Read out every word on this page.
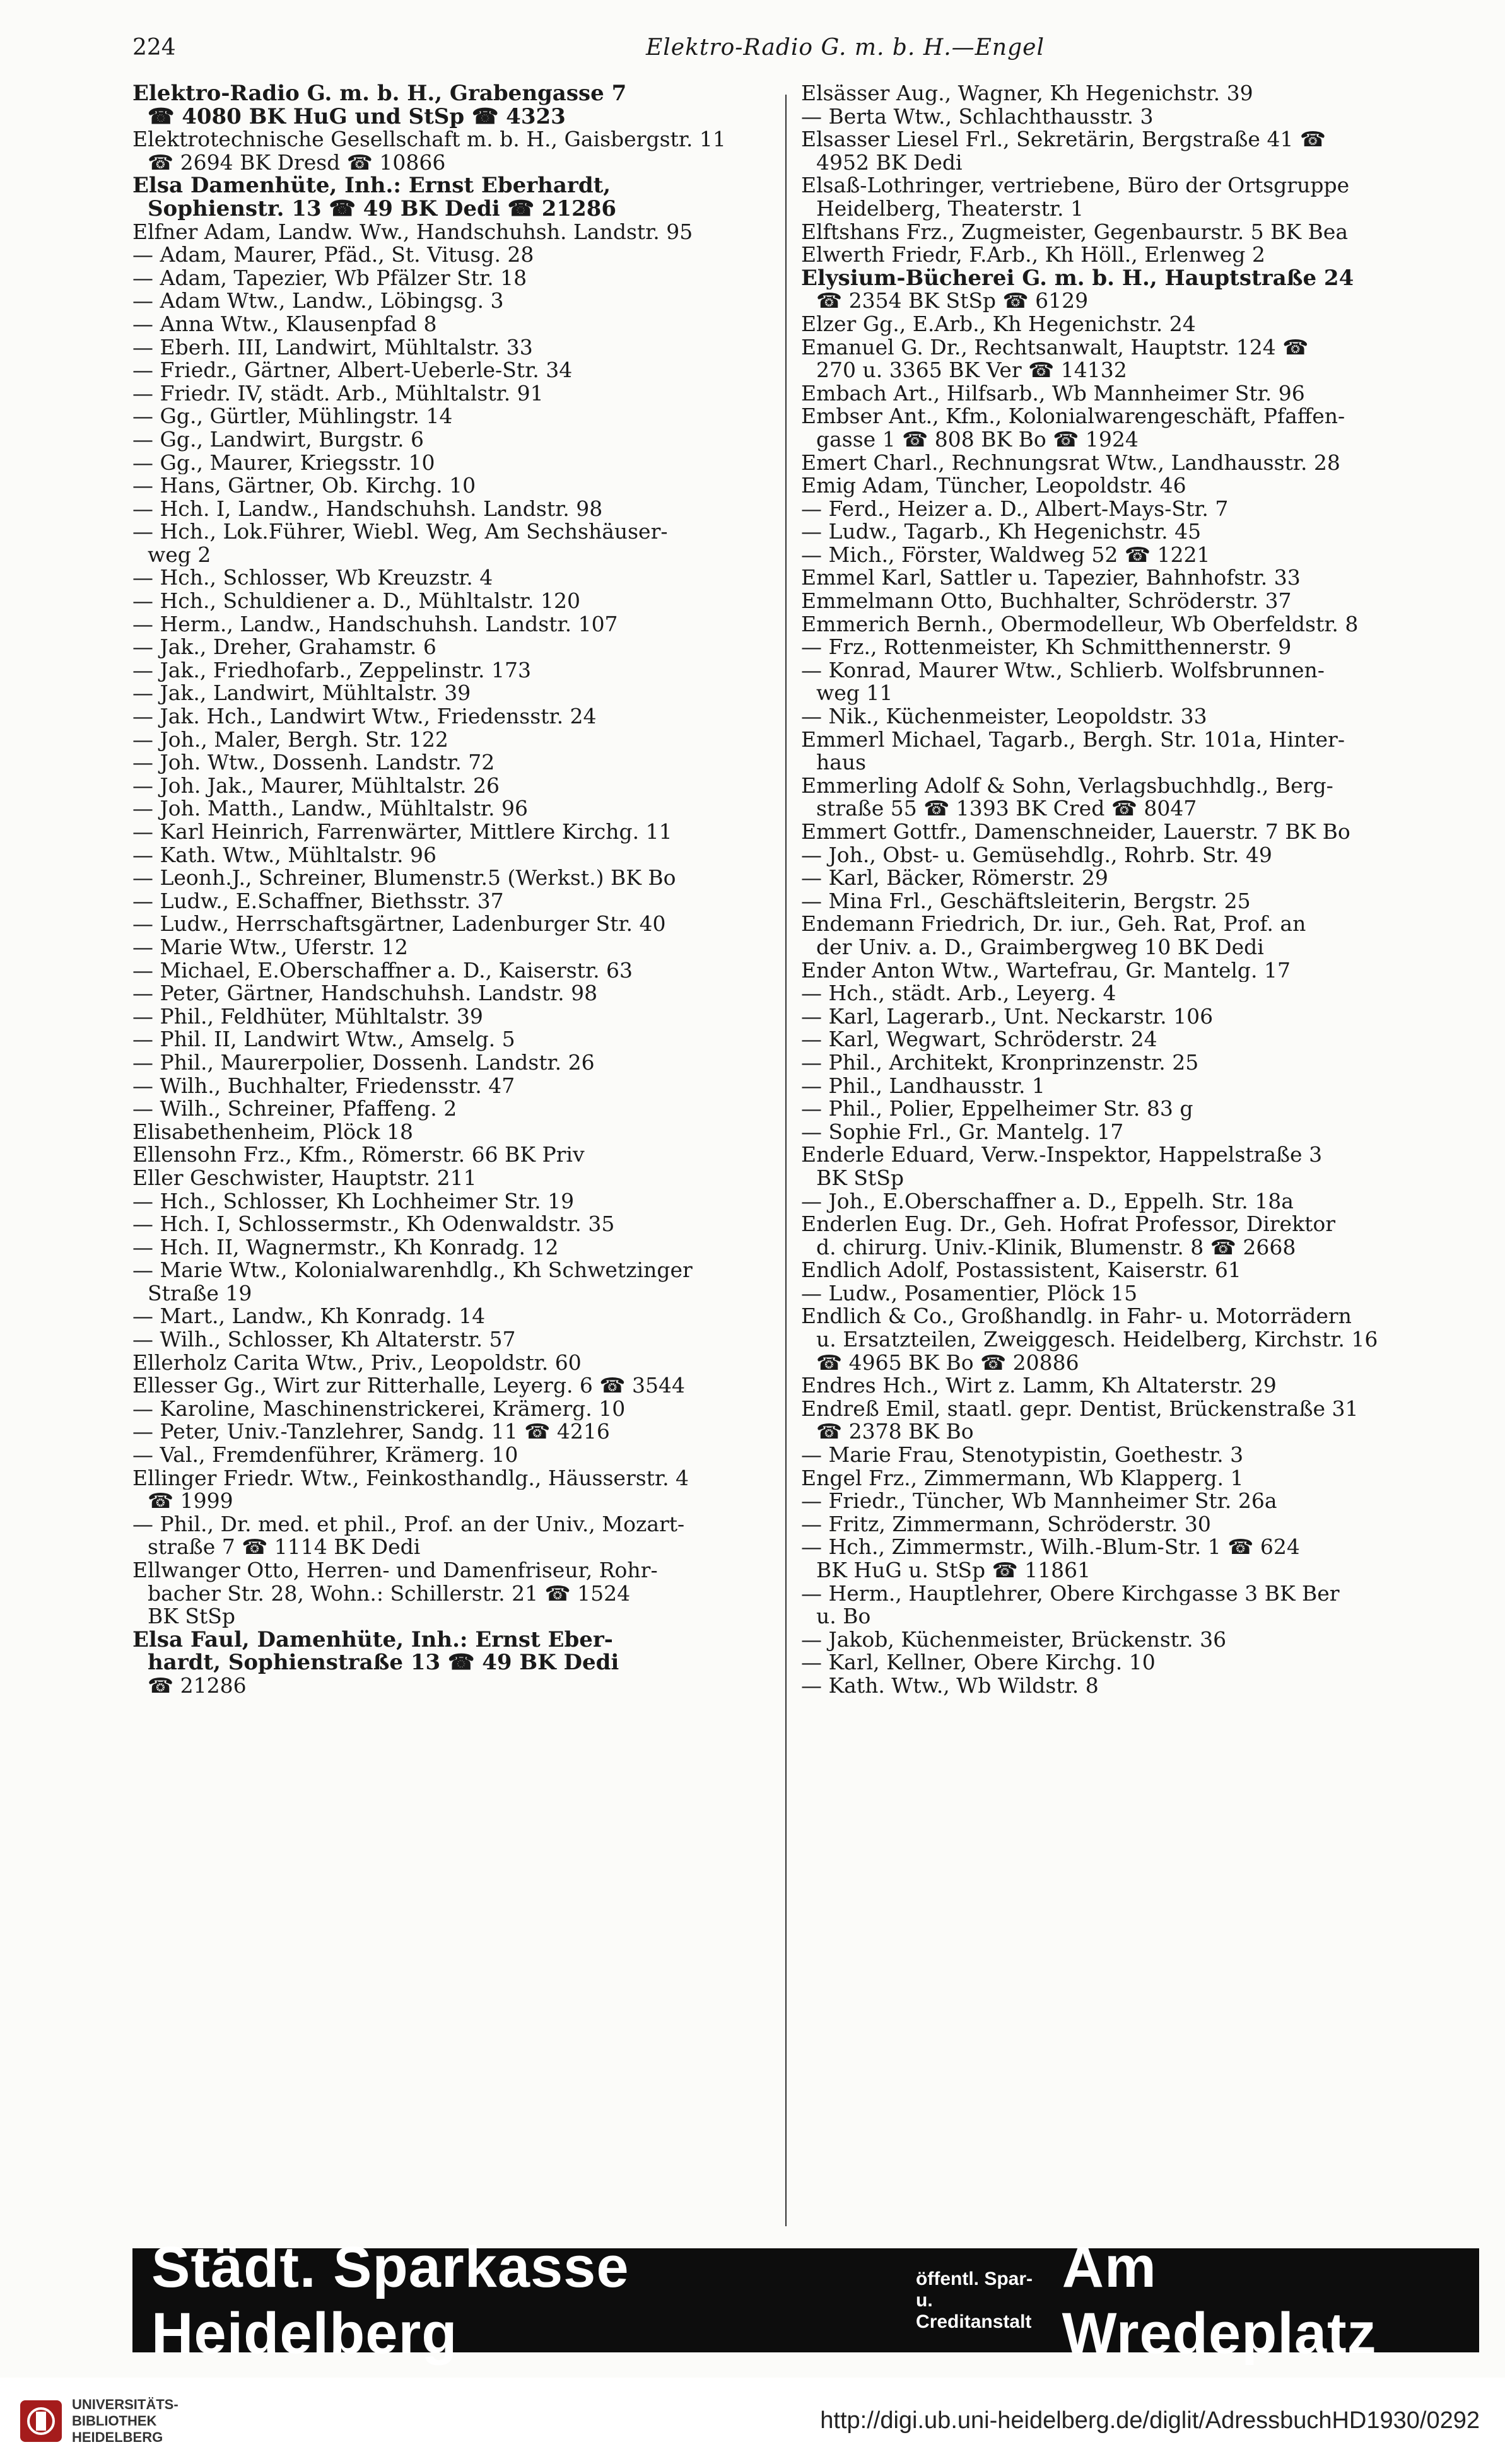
224	Elektro-Radio G. m. b. H.—Engel
Elektro-Radio G. m. b. H., Grabengasse 7
☎ 4080 BK HuG und StSp ☎ 4323
Elektrotechnische Gesellschaft m. b. H., Gaisbergstr. 11
☎ 2694 BK Dresd ☎ 10866
Elsa Damenhüte, Inh.: Ernst Eberhardt,
Sophienstr. 13 ☎ 49 BK Dedi ☎ 21286
Elfner Adam, Landw. Ww., Handschuhsh. Landstr. 95
— Adam, Maurer, Pfäd., St. Vitusg. 28
— Adam, Tapezier, Wb Pfälzer Str. 18
— Adam Wtw., Landw., Löbingsg. 3
— Anna Wtw., Klausenpfad 8
— Eberh. III, Landwirt, Mühltalstr. 33
— Friedr., Gärtner, Albert-Ueberle-Str. 34
— Friedr. IV, städt. Arb., Mühltalstr. 91
— Gg., Gürtler, Mühlingstr. 14
— Gg., Landwirt, Burgstr. 6
— Gg., Maurer, Kriegsstr. 10
— Hans, Gärtner, Ob. Kirchg. 10
— Hch. I, Landw., Handschuhsh. Landstr. 98
— Hch., Lok.Führer, Wiebl. Weg, Am Sechshäuser-
weg 2
— Hch., Schlosser, Wb Kreuzstr. 4
— Hch., Schuldiener a. D., Mühltalstr. 120
— Herm., Landw., Handschuhsh. Landstr. 107
— Jak., Dreher, Grahamstr. 6
— Jak., Friedhofarb., Zeppelinstr. 173
— Jak., Landwirt, Mühltalstr. 39
— Jak. Hch., Landwirt Wtw., Friedensstr. 24
— Joh., Maler, Bergh. Str. 122
— Joh. Wtw., Dossenh. Landstr. 72
— Joh. Jak., Maurer, Mühltalstr. 26
— Joh. Matth., Landw., Mühltalstr. 96
— Karl Heinrich, Farrenwärter, Mittlere Kirchg. 11
— Kath. Wtw., Mühltalstr. 96
— Leonh.J., Schreiner, Blumenstr.5 (Werkst.) BK Bo
— Ludw., E.Schaffner, Biethsstr. 37
— Ludw., Herrschaftsgärtner, Ladenburger Str. 40
— Marie Wtw., Uferstr. 12
— Michael, E.Oberschaffner a. D., Kaiserstr. 63
— Peter, Gärtner, Handschuhsh. Landstr. 98
— Phil., Feldhüter, Mühltalstr. 39
— Phil. II, Landwirt Wtw., Amselg. 5
— Phil., Maurerpolier, Dossenh. Landstr. 26
— Wilh., Buchhalter, Friedensstr. 47
— Wilh., Schreiner, Pfaffeng. 2
Elisabethenheim, Plöck 18
Ellensohn Frz., Kfm., Römerstr. 66 BK Priv
Eller Geschwister, Hauptstr. 211
— Hch., Schlosser, Kh Lochheimer Str. 19
— Hch. I, Schlossermstr., Kh Odenwaldstr. 35
— Hch. II, Wagnermstr., Kh Konradg. 12
— Marie Wtw., Kolonialwarenhdlg., Kh Schwetzinger
Straße 19
— Mart., Landw., Kh Konradg. 14
— Wilh., Schlosser, Kh Altaterstr. 57
Ellerholz Carita Wtw., Priv., Leopoldstr. 60
Ellesser Gg., Wirt zur Ritterhalle, Leyerg. 6 ☎ 3544
— Karoline, Maschinenstrickerei, Krämerg. 10
— Peter, Univ.-Tanzlehrer, Sandg. 11 ☎ 4216
— Val., Fremdenführer, Krämerg. 10
Ellinger Friedr. Wtw., Feinkosthandlg., Häusserstr. 4
☎ 1999
— Phil., Dr. med. et phil., Prof. an der Univ., Mozart-
straße 7 ☎ 1114 BK Dedi
Ellwanger Otto, Herren- und Damenfriseur, Rohr-
bacher Str. 28, Wohn.: Schillerstr. 21 ☎ 1524
BK StSp
Elsa Faul, Damenhüte, Inh.: Ernst Eber-
hardt, Sophienstraße 13 ☎ 49 BK Dedi
☎ 21286
Elsässer Aug., Wagner, Kh Hegenichstr. 39
— Berta Wtw., Schlachthausstr. 3
Elsasser Liesel Frl., Sekretärin, Bergstraße 41 ☎
4952 BK Dedi
Elsaß-Lothringer, vertriebene, Büro der Ortsgruppe
Heidelberg, Theaterstr. 1
Elftshans Frz., Zugmeister, Gegenbaurstr. 5 BK Bea
Elwerth Friedr, F.Arb., Kh Höll., Erlenweg 2
Elysium-Bücherei G. m. b. H., Hauptstraße 24
☎ 2354 BK StSp ☎ 6129
Elzer Gg., E.Arb., Kh Hegenichstr. 24
Emanuel G. Dr., Rechtsanwalt, Hauptstr. 124 ☎
270 u. 3365 BK Ver ☎ 14132
Embach Art., Hilfsarb., Wb Mannheimer Str. 96
Embser Ant., Kfm., Kolonialwarengeschäft, Pfaffen-
gasse 1 ☎ 808 BK Bo ☎ 1924
Emert Charl., Rechnungsrat Wtw., Landhausstr. 28
Emig Adam, Tüncher, Leopoldstr. 46
— Ferd., Heizer a. D., Albert-Mays-Str. 7
— Ludw., Tagarb., Kh Hegenichstr. 45
— Mich., Förster, Waldweg 52 ☎ 1221
Emmel Karl, Sattler u. Tapezier, Bahnhofstr. 33
Emmelmann Otto, Buchhalter, Schröderstr. 37
Emmerich Bernh., Obermodelleur, Wb Oberfeldstr. 8
— Frz., Rottenmeister, Kh Schmitthennerstr. 9
— Konrad, Maurer Wtw., Schlierb. Wolfsbrunnen-
weg 11
— Nik., Küchenmeister, Leopoldstr. 33
Emmerl Michael, Tagarb., Bergh. Str. 101a, Hinter-
haus
Emmerling Adolf & Sohn, Verlagsbuchhdlg., Berg-
straße 55 ☎ 1393 BK Cred ☎ 8047
Emmert Gottfr., Damenschneider, Lauerstr. 7 BK Bo
— Joh., Obst- u. Gemüsehdlg., Rohrb. Str. 49
— Karl, Bäcker, Römerstr. 29
— Mina Frl., Geschäftsleiterin, Bergstr. 25
Endemann Friedrich, Dr. iur., Geh. Rat, Prof. an
der Univ. a. D., Graimbergweg 10 BK Dedi
Ender Anton Wtw., Wartefrau, Gr. Mantelg. 17
— Hch., städt. Arb., Leyerg. 4
— Karl, Lagerarb., Unt. Neckarstr. 106
— Karl, Wegwart, Schröderstr. 24
— Phil., Architekt, Kronprinzenstr. 25
— Phil., Landhausstr. 1
— Phil., Polier, Eppelheimer Str. 83 g
— Sophie Frl., Gr. Mantelg. 17
Enderle Eduard, Verw.-Inspektor, Happelstraße 3
BK StSp
— Joh., E.Oberschaffner a. D., Eppelh. Str. 18a
Enderlen Eug. Dr., Geh. Hofrat Professor, Direktor
d. chirurg. Univ.-Klinik, Blumenstr. 8 ☎ 2668
Endlich Adolf, Postassistent, Kaiserstr. 61
— Ludw., Posamentier, Plöck 15
Endlich & Co., Großhandlg. in Fahr- u. Motorrädern
u. Ersatzteilen, Zweiggesch. Heidelberg, Kirchstr. 16
☎ 4965 BK Bo ☎ 20886
Endres Hch., Wirt z. Lamm, Kh Altaterstr. 29
Endreß Emil, staatl. gepr. Dentist, Brückenstraße 31
☎ 2378 BK Bo
— Marie Frau, Stenotypistin, Goethestr. 3
Engel Frz., Zimmermann, Wb Klapperg. 1
— Friedr., Tüncher, Wb Mannheimer Str. 26a
— Fritz, Zimmermann, Schröderstr. 30
— Hch., Zimmermstr., Wilh.-Blum-Str. 1 ☎ 624
BK HuG u. StSp ☎ 11861
— Herm., Hauptlehrer, Obere Kirchgasse 3 BK Ber
u. Bo
— Jakob, Küchenmeister, Brückenstr. 36
— Karl, Kellner, Obere Kirchg. 10
— Kath. Wtw., Wb Wildstr. 8
Städt. Sparkasse Heidelberg
öffentl. Spar- u.
Creditanstalt
Am Wredeplatz
UNIVERSITÄTS-
BIBLIOTHEK
HEIDELBERG
http://digi.ub.uni-heidelberg.de/diglit/AdressbuchHD1930/0292
